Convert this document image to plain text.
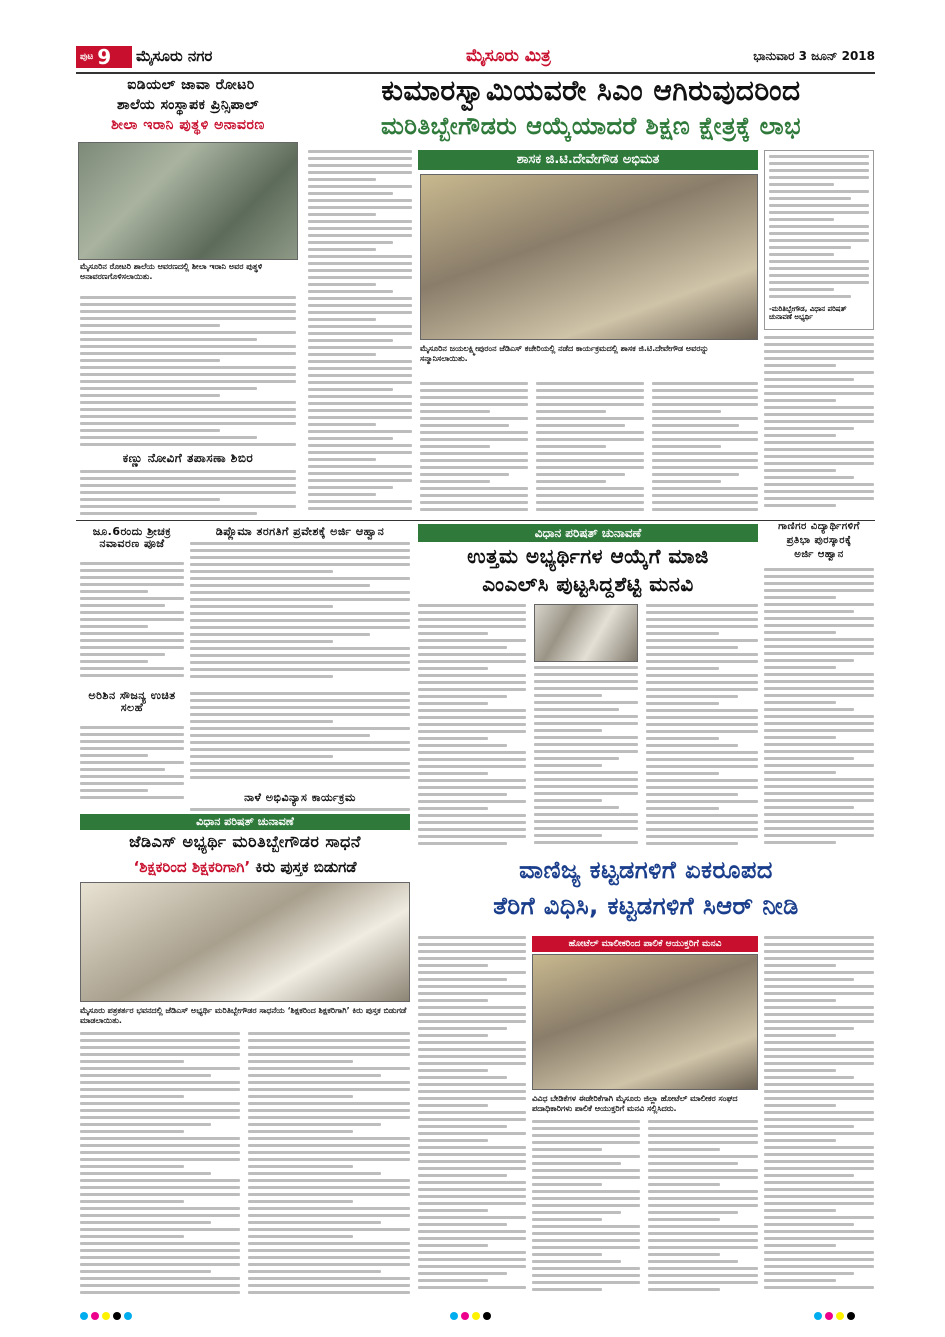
ಪುಟ 9 ಮೈಸೂರು ನಗರ	ಮೈಸೂರು ಮಿತ್ರ	ಭಾನುವಾರ 3 ಜೂನ್ 2018
ಐಡಿಯಲ್ ಜಾವಾ ರೋಟರಿ
ಶಾಲೆಯ ಸಂಸ್ಥಾಪಕ ಪ್ರಿನ್ಸಿಪಾಲ್
ಶೀಲಾ ಇರಾನಿ ಪುತ್ಥಳಿ ಅನಾವರಣ
ಮೈಸೂರಿನ ರೋಟರಿ ಶಾಲೆಯ ಆವರಣದಲ್ಲಿ ಶೀಲಾ ಇರಾನಿ ಅವರ ಪುತ್ಥಳಿ ಅನಾವರಣಗೊಳಿಸಲಾಯಿತು.
ಕಣ್ಣು ನೋವಿಗೆ ತಪಾಸಣಾ ಶಿಬಿರ
ಕುಮಾರಸ್ವಾಮಿಯವರೇ ಸಿಎಂ ಆಗಿರುವುದರಿಂದ
ಮರಿತಿಬ್ಬೇಗೌಡರು ಆಯ್ಕೆಯಾದರೆ ಶಿಕ್ಷಣ ಕ್ಷೇತ್ರಕ್ಕೆ ಲಾಭ
ಶಾಸಕ ಜಿ.ಟಿ.ದೇವೇಗೌಡ ಅಭಿಮತ
ಮೈಸೂರಿನ ಜಯಲಕ್ಷ್ಮೀಪುರಂನ ಜೆಡಿಎಸ್ ಕಚೇರಿಯಲ್ಲಿ ನಡೆದ ಕಾರ್ಯಕ್ರಮದಲ್ಲಿ ಶಾಸಕ ಜಿ.ಟಿ.ದೇವೇಗೌಡ ಅವರನ್ನು ಸನ್ಮಾನಿಸಲಾಯಿತು.
-ಮರಿತಿಬ್ಬೇಗೌಡ, ವಿಧಾನ ಪರಿಷತ್ ಚುನಾವಣೆ ಅಭ್ಯರ್ಥಿ
ಜೂ.6ರಂದು ಶ್ರೀಚಕ್ರ ನವಾವರಣ ಪೂಜೆ
ಅರಿಶಿನ ಸೌಜನ್ಯ ಉಚಿತ ಸಲಹೆ
ಡಿಪ್ಲೊಮಾ ತರಗತಿಗೆ ಪ್ರವೇಶಕ್ಕೆ ಅರ್ಜಿ ಆಹ್ವಾನ
ನಾಳೆ ಅಭಿವಿನ್ಯಾಸ ಕಾರ್ಯಕ್ರಮ
ವಿಧಾನ ಪರಿಷತ್ ಚುನಾವಣೆ
ಉತ್ತಮ ಅಭ್ಯರ್ಥಿಗಳ ಆಯ್ಕೆಗೆ ಮಾಜಿ
ಎಂಎಲ್‌ಸಿ ಪುಟ್ಟಸಿದ್ದಶೆಟ್ಟಿ ಮನವಿ
ಗಾಣಿಗರ ವಿದ್ಯಾರ್ಥಿಗಳಿಗೆ
ಪ್ರತಿಭಾ ಪುರಸ್ಕಾರಕ್ಕೆ
ಅರ್ಜಿ ಆಹ್ವಾನ
ವಿಧಾನ ಪರಿಷತ್ ಚುನಾವಣೆ
ಜೆಡಿಎಸ್ ಅಭ್ಯರ್ಥಿ ಮರಿತಿಬ್ಬೇಗೌಡರ ಸಾಧನೆ
‘ಶಿಕ್ಷಕರಿಂದ ಶಿಕ್ಷಕರಿಗಾಗಿ’ ಕಿರು ಪುಸ್ತಕ ಬಿಡುಗಡೆ
ಮೈಸೂರು ಪತ್ರಕರ್ತರ ಭವನದಲ್ಲಿ ಜೆಡಿಎಸ್ ಅಭ್ಯರ್ಥಿ ಮರಿತಿಬ್ಬೇಗೌಡರ ಸಾಧನೆಯ ‘ಶಿಕ್ಷಕರಿಂದ ಶಿಕ್ಷಕರಿಗಾಗಿ’ ಕಿರು ಪುಸ್ತಕ ಬಿಡುಗಡೆ ಮಾಡಲಾಯಿತು.
ವಾಣಿಜ್ಯ ಕಟ್ಟಡಗಳಿಗೆ ಏಕರೂಪದ
ತೆರಿಗೆ ವಿಧಿಸಿ, ಕಟ್ಟಡಗಳಿಗೆ ಸಿಆರ್ ನೀಡಿ
ಹೋಟೆಲ್ ಮಾಲೀಕರಿಂದ ಪಾಲಿಕೆ ಆಯುಕ್ತರಿಗೆ ಮನವಿ
ವಿವಿಧ ಬೇಡಿಕೆಗಳ ಈಡೇರಿಕೆಗಾಗಿ ಮೈಸೂರು ಜಿಲ್ಲಾ ಹೋಟೆಲ್ ಮಾಲೀಕರ ಸಂಘದ ಪದಾಧಿಕಾರಿಗಳು ಪಾಲಿಕೆ ಆಯುಕ್ತರಿಗೆ ಮನವಿ ಸಲ್ಲಿಸಿದರು.
